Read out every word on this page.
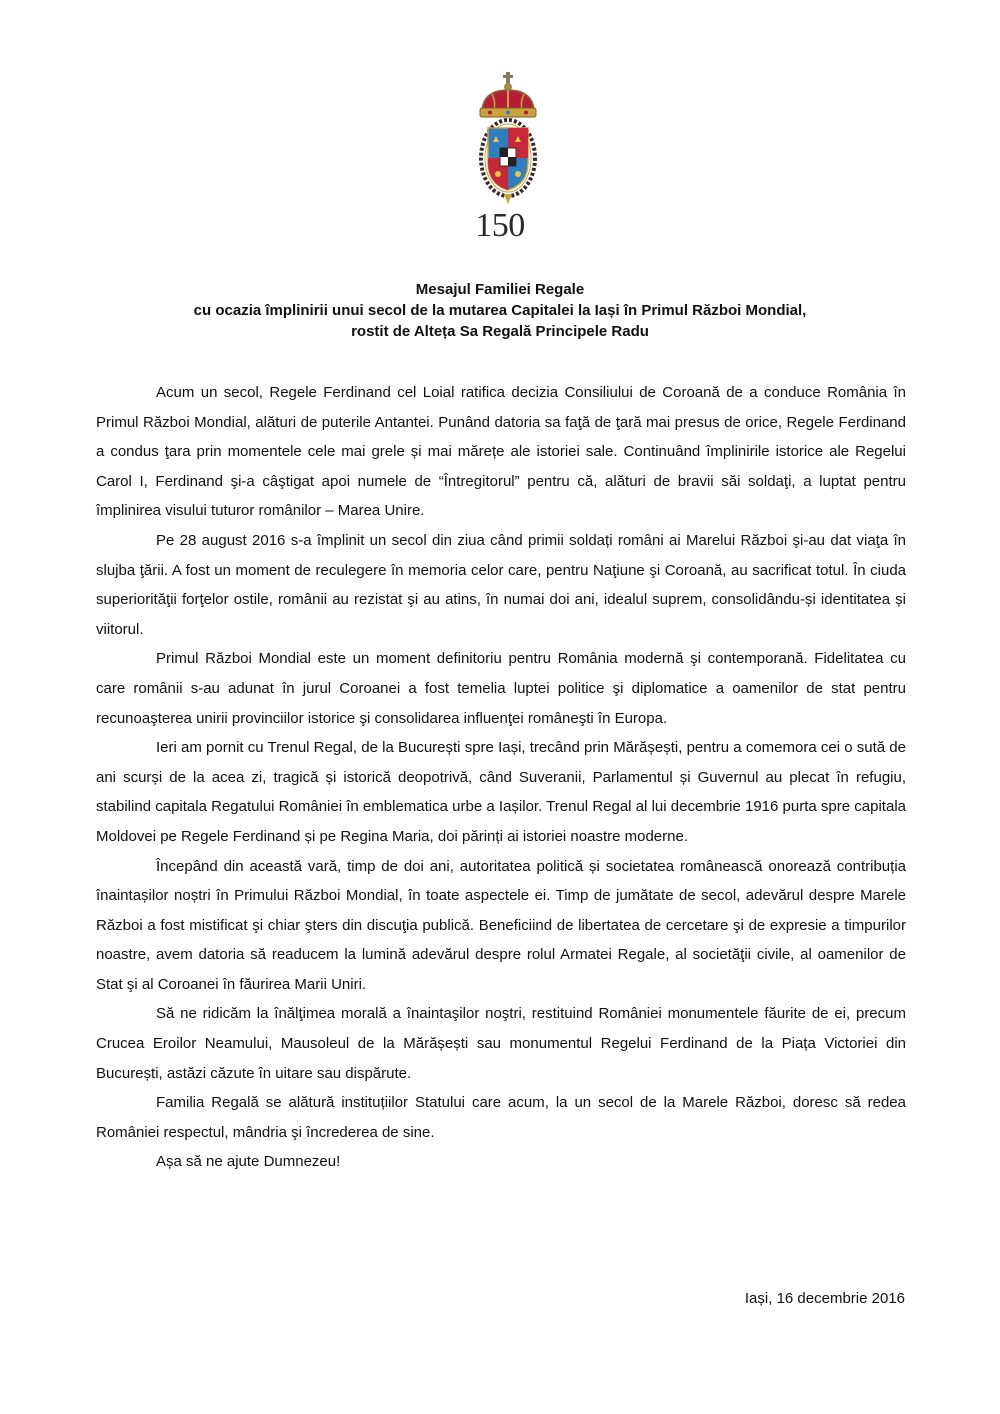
150
Mesajul Familiei Regale
cu ocazia împlinirii unui secol de la mutarea Capitalei la Iași în Primul Război Mondial,
rostit de Alteța Sa Regală Principele Radu

Acum un secol, Regele Ferdinand cel Loial ratifica decizia Consiliului de Coroană de a conduce România în Primul Război Mondial, alături de puterile Antantei. Punând datoria sa faţă de ţară mai presus de orice, Regele Ferdinand a condus ţara prin momentele cele mai grele și mai mărețe ale istoriei sale. Continuând împlinirile istorice ale Regelui Carol I, Ferdinand şi-a câştigat apoi numele de “Întregitorul” pentru că, alături de bravii săi soldaţi, a luptat pentru împlinirea visului tuturor românilor – Marea Unire.

Pe 28 august 2016 s-a împlinit un secol din ziua când primii soldați români ai Marelui Război şi-au dat viaţa în slujba ţării. A fost un moment de reculegere în memoria celor care, pentru Naţiune şi Coroană, au sacrificat totul. În ciuda superiorităţii forţelor ostile, românii au rezistat şi au atins, în numai doi ani, idealul suprem, consolidându-și identitatea și viitorul.

Primul Război Mondial este un moment definitoriu pentru România modernă şi contemporană. Fidelitatea cu care românii s-au adunat în jurul Coroanei a fost temelia luptei politice şi diplomatice a oamenilor de stat pentru recunoaşterea unirii provinciilor istorice şi consolidarea influenţei româneşti în Europa.

Ieri am pornit cu Trenul Regal, de la București spre Iași, trecând prin Mărășești, pentru a comemora cei o sută de ani scurși de la acea zi, tragică și istorică deopotrivă, când Suveranii, Parlamentul și Guvernul au plecat în refugiu, stabilind capitala Regatului României în emblematica urbe a Iașilor. Trenul Regal al lui decembrie 1916 purta spre capitala Moldovei pe Regele Ferdinand și pe Regina Maria, doi părinți ai istoriei noastre moderne.

Începând din această vară, timp de doi ani, autoritatea politică și societatea românească onorează contribuția înaintașilor noștri în Primului Război Mondial, în toate aspectele ei. Timp de jumătate de secol, adevărul despre Marele Război a fost mistificat şi chiar şters din discuţia publică. Beneficiind de libertatea de cercetare şi de expresie a timpurilor noastre, avem datoria să readucem la lumină adevărul despre rolul Armatei Regale, al societăţii civile, al oamenilor de Stat şi al Coroanei în făurirea Marii Uniri.

Să ne ridicăm la înălţimea morală a înaintaşilor noştri, restituind României monumentele făurite de ei, precum Crucea Eroilor Neamului, Mausoleul de la Mărășești sau monumentul Regelui Ferdinand de la Piața Victoriei din București, astăzi căzute în uitare sau dispărute.

Familia Regală se alătură instituțiilor Statului care acum, la un secol de la Marele Război, doresc să redea României respectul, mândria şi încrederea de sine.

Așa să ne ajute Dumnezeu!

Iași, 16 decembrie 2016
